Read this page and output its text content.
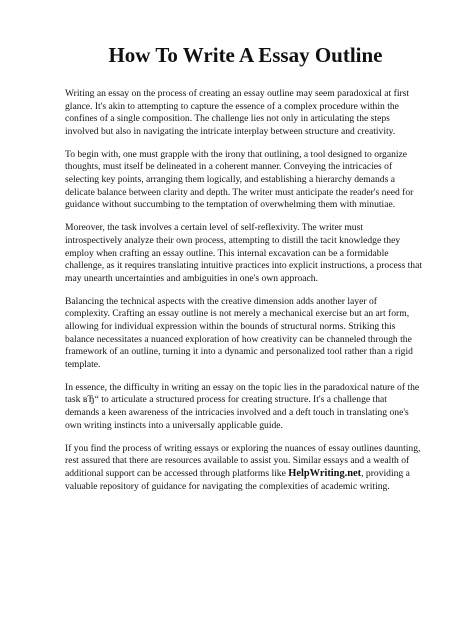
How To Write A Essay Outline

Writing an essay on the process of creating an essay outline may seem paradoxical at first glance. It's akin to attempting to capture the essence of a complex procedure within the confines of a single composition. The challenge lies not only in articulating the steps involved but also in navigating the intricate interplay between structure and creativity.

To begin with, one must grapple with the irony that outlining, a tool designed to organize thoughts, must itself be delineated in a coherent manner. Conveying the intricacies of selecting key points, arranging them logically, and establishing a hierarchy demands a delicate balance between clarity and depth. The writer must anticipate the reader's need for guidance without succumbing to the temptation of overwhelming them with minutiae.

Moreover, the task involves a certain level of self-reflexivity. The writer must introspectively analyze their own process, attempting to distill the tacit knowledge they employ when crafting an essay outline. This internal excavation can be a formidable challenge, as it requires translating intuitive practices into explicit instructions, a process that may unearth uncertainties and ambiguities in one's own approach.

Balancing the technical aspects with the creative dimension adds another layer of complexity. Crafting an essay outline is not merely a mechanical exercise but an art form, allowing for individual expression within the bounds of structural norms. Striking this balance necessitates a nuanced exploration of how creativity can be channeled through the framework of an outline, turning it into a dynamic and personalized tool rather than a rigid template.

In essence, the difficulty in writing an essay on the topic lies in the paradoxical nature of the task вЂ“ to articulate a structured process for creating structure. It's a challenge that demands a keen awareness of the intricacies involved and a deft touch in translating one's own writing instincts into a universally applicable guide.

If you find the process of writing essays or exploring the nuances of essay outlines daunting, rest assured that there are resources available to assist you. Similar essays and a wealth of additional support can be accessed through platforms like HelpWriting.net, providing a valuable repository of guidance for navigating the complexities of academic writing.
